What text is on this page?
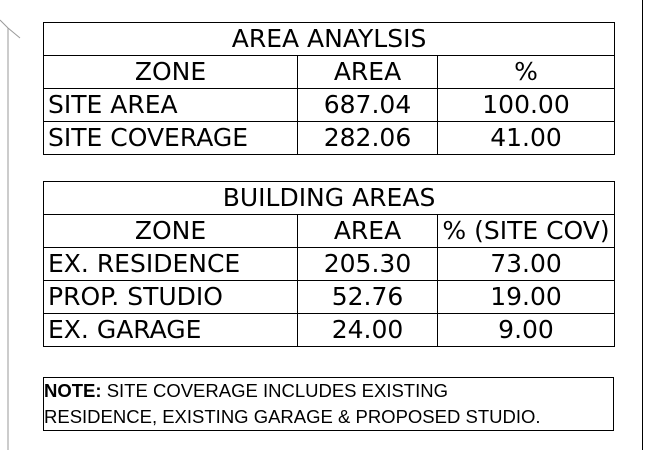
AREA ANAYLSIS		
ZONE	AREA	%
SITE AREA	687.04	100.00
SITE COVERAGE	282.06	41.00
BUILDING AREAS		
ZONE	AREA	% (SITE COV)
EX. RESIDENCE	205.30	73.00
PROP. STUDIO	52.76	19.00
EX. GARAGE	24.00	9.00
NOTE: SITE COVERAGE INCLUDES EXISTING
RESIDENCE, EXISTING GARAGE & PROPOSED STUDIO.
